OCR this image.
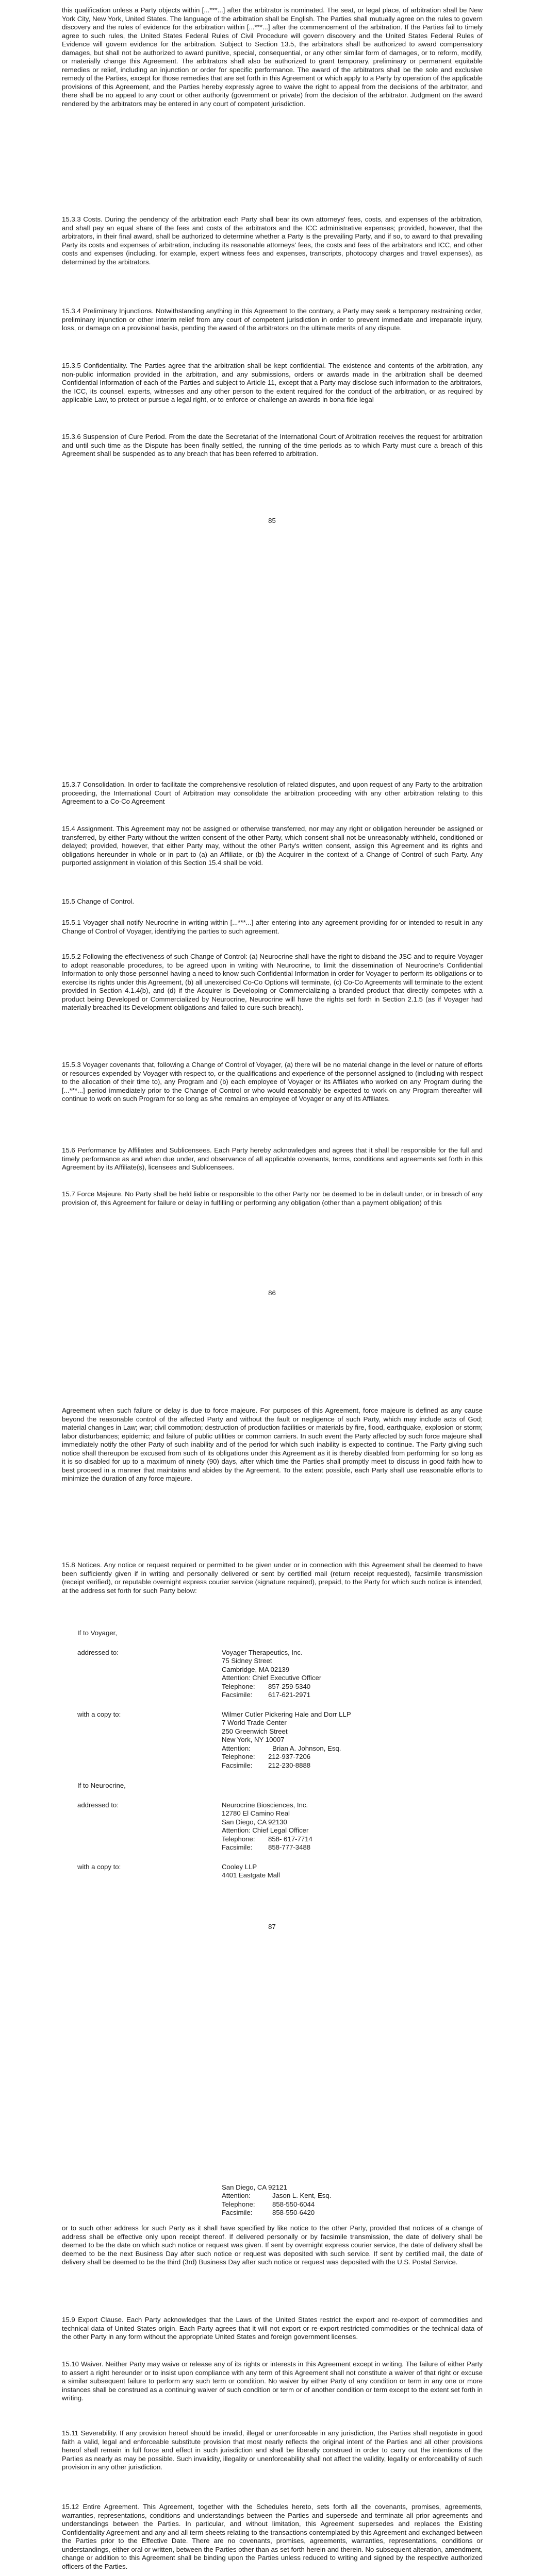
this qualification unless a Party objects within [...***...] after the arbitrator is nominated. The seat, or legal place, of arbitration shall be New York City, New York, United States. The language of the arbitration shall be English. The Parties shall mutually agree on the rules to govern discovery and the rules of evidence for the arbitration within [...***...] after the commencement of the arbitration. If the Parties fail to timely agree to such rules, the United States Federal Rules of Civil Procedure will govern discovery and the United States Federal Rules of Evidence will govern evidence for the arbitration. Subject to Section 13.5, the arbitrators shall be authorized to award compensatory damages, but shall not be authorized to award punitive, special, consequential, or any other similar form of damages, or to reform, modify, or materially change this Agreement. The arbitrators shall also be authorized to grant temporary, preliminary or permanent equitable remedies or relief, including an injunction or order for specific performance. The award of the arbitrators shall be the sole and exclusive remedy of the Parties, except for those remedies that are set forth in this Agreement or which apply to a Party by operation of the applicable provisions of this Agreement, and the Parties hereby expressly agree to waive the right to appeal from the decisions of the arbitrator, and there shall be no appeal to any court or other authority (government or private) from the decision of the arbitrator. Judgment on the award rendered by the arbitrators may be entered in any court of competent jurisdiction.

15.3.3 Costs. During the pendency of the arbitration each Party shall bear its own attorneys' fees, costs, and expenses of the arbitration, and shall pay an equal share of the fees and costs of the arbitrators and the ICC administrative expenses; provided, however, that the arbitrators, in their final award, shall be authorized to determine whether a Party is the prevailing Party, and if so, to award to that prevailing Party its costs and expenses of arbitration, including its reasonable attorneys' fees, the costs and fees of the arbitrators and ICC, and other costs and expenses (including, for example, expert witness fees and expenses, transcripts, photocopy charges and travel expenses), as determined by the arbitrators.

15.3.4 Preliminary Injunctions. Notwithstanding anything in this Agreement to the contrary, a Party may seek a temporary restraining order, preliminary injunction or other interim relief from any court of competent jurisdiction in order to prevent immediate and irreparable injury, loss, or damage on a provisional basis, pending the award of the arbitrators on the ultimate merits of any dispute.

15.3.5 Confidentiality. The Parties agree that the arbitration shall be kept confidential. The existence and contents of the arbitration, any non-public information provided in the arbitration, and any submissions, orders or awards made in the arbitration shall be deemed Confidential Information of each of the Parties and subject to Article 11, except that a Party may disclose such information to the arbitrators, the ICC, its counsel, experts, witnesses and any other person to the extent required for the conduct of the arbitration, or as required by applicable Law, to protect or pursue a legal right, or to enforce or challenge an awards in bona fide legal

15.3.6 Suspension of Cure Period. From the date the Secretariat of the International Court of Arbitration receives the request for arbitration and until such time as the Dispute has been finally settled, the running of the time periods as to which Party must cure a breach of this Agreement shall be suspended as to any breach that has been referred to arbitration.

85

15.3.7 Consolidation. In order to facilitate the comprehensive resolution of related disputes, and upon request of any Party to the arbitration proceeding, the International Court of Arbitration may consolidate the arbitration proceeding with any other arbitration relating to this Agreement to a Co-Co Agreement

15.4 Assignment. This Agreement may not be assigned or otherwise transferred, nor may any right or obligation hereunder be assigned or transferred, by either Party without the written consent of the other Party, which consent shall not be unreasonably withheld, conditioned or delayed; provided, however, that either Party may, without the other Party's written consent, assign this Agreement and its rights and obligations hereunder in whole or in part to (a) an Affiliate, or (b) the Acquirer in the context of a Change of Control of such Party. Any purported assignment in violation of this Section 15.4 shall be void.

15.5 Change of Control.

15.5.1 Voyager shall notify Neurocrine in writing within [...***...] after entering into any agreement providing for or intended to result in any Change of Control of Voyager, identifying the parties to such agreement.

15.5.2 Following the effectiveness of such Change of Control: (a) Neurocrine shall have the right to disband the JSC and to require Voyager to adopt reasonable procedures, to be agreed upon in writing with Neurocrine, to limit the dissemination of Neurocrine's Confidential Information to only those personnel having a need to know such Confidential Information in order for Voyager to perform its obligations or to exercise its rights under this Agreement, (b) all unexercised Co-Co Options will terminate, (c) Co-Co Agreements will terminate to the extent provided in Section 4.1.4(b), and (d) if the Acquirer is Developing or Commercializing a branded product that directly competes with a product being Developed or Commercialized by Neurocrine, Neurocrine will have the rights set forth in Section 2.1.5 (as if Voyager had materially breached its Development obligations and failed to cure such breach).

15.5.3 Voyager covenants that, following a Change of Control of Voyager, (a) there will be no material change in the level or nature of efforts or resources expended by Voyager with respect to, or the qualifications and experience of the personnel assigned to (including with respect to the allocation of their time to), any Program and (b) each employee of Voyager or its Affiliates who worked on any Program during the [...***...] period immediately prior to the Change of Control or who would reasonably be expected to work on any Program thereafter will continue to work on such Program for so long as s/he remains an employee of Voyager or any of its Affiliates.

15.6 Performance by Affiliates and Sublicensees. Each Party hereby acknowledges and agrees that it shall be responsible for the full and timely performance as and when due under, and observance of all applicable covenants, terms, conditions and agreements set forth in this Agreement by its Affiliate(s), licensees and Sublicensees.

15.7 Force Majeure. No Party shall be held liable or responsible to the other Party nor be deemed to be in default under, or in breach of any provision of, this Agreement for failure or delay in fulfilling or performing any obligation (other than a payment obligation) of this

86

Agreement when such failure or delay is due to force majeure. For purposes of this Agreement, force majeure is defined as any cause beyond the reasonable control of the affected Party and without the fault or negligence of such Party, which may include acts of God; material changes in Law; war; civil commotion; destruction of production facilities or materials by fire, flood, earthquake, explosion or storm; labor disturbances; epidemic; and failure of public utilities or common carriers. In such event the Party affected by such force majeure shall immediately notify the other Party of such inability and of the period for which such inability is expected to continue. The Party giving such notice shall thereupon be excused from such of its obligations under this Agreement as it is thereby disabled from performing for so long as it is so disabled for up to a maximum of ninety (90) days, after which time the Parties shall promptly meet to discuss in good faith how to best proceed in a manner that maintains and abides by the Agreement. To the extent possible, each Party shall use reasonable efforts to minimize the duration of any force majeure.

15.8 Notices. Any notice or request required or permitted to be given under or in connection with this Agreement shall be deemed to have been sufficiently given if in writing and personally delivered or sent by certified mail (return receipt requested), facsimile transmission (receipt verified), or reputable overnight express courier service (signature required), prepaid, to the Party for which such notice is intended, at the address set forth for such Party below:

If to Voyager,
addressed to:	Voyager Therapeutics, Inc.
75 Sidney Street
Cambridge, MA 02139
Attention: Chief Executive Officer
Telephone: 857-259-5340
Facsimile: 617-621-2971
with a copy to:	Wilmer Cutler Pickering Hale and Dorr LLP
7 World Trade Center
250 Greenwich Street
New York, NY 10007
Attention:	Brian A. Johnson, Esq.
Telephone: 212-937-7206
Facsimile: 212-230-8888
If to Neurocrine,
addressed to:	Neurocrine Biosciences, Inc.
12780 El Camino Real
San Diego, CA 92130
Attention: Chief Legal Officer
Telephone: 858- 617-7714
Facsimile: 858-777-3488
with a copy to:	Cooley LLP
4401 Eastgate Mall
87
San Diego, CA 92121
Attention:	Jason L. Kent, Esq.
Telephone:	858-550-6044
Facsimile:	858-550-6420

or to such other address for such Party as it shall have specified by like notice to the other Party, provided that notices of a change of address shall be effective only upon receipt thereof. If delivered personally or by facsimile transmission, the date of delivery shall be deemed to be the date on which such notice or request was given. If sent by overnight express courier service, the date of delivery shall be deemed to be the next Business Day after such notice or request was deposited with such service. If sent by certified mail, the date of delivery shall be deemed to be the third (3rd) Business Day after such notice or request was deposited with the U.S. Postal Service.

15.9 Export Clause. Each Party acknowledges that the Laws of the United States restrict the export and re-export of commodities and technical data of United States origin. Each Party agrees that it will not export or re-export restricted commodities or the technical data of the other Party in any form without the appropriate United States and foreign government licenses.

15.10 Waiver. Neither Party may waive or release any of its rights or interests in this Agreement except in writing. The failure of either Party to assert a right hereunder or to insist upon compliance with any term of this Agreement shall not constitute a waiver of that right or excuse a similar subsequent failure to perform any such term or condition. No waiver by either Party of any condition or term in any one or more instances shall be construed as a continuing waiver of such condition or term or of another condition or term except to the extent set forth in writing.

15.11 Severability. If any provision hereof should be invalid, illegal or unenforceable in any jurisdiction, the Parties shall negotiate in good faith a valid, legal and enforceable substitute provision that most nearly reflects the original intent of the Parties and all other provisions hereof shall remain in full force and effect in such jurisdiction and shall be liberally construed in order to carry out the intentions of the Parties as nearly as may be possible. Such invalidity, illegality or unenforceability shall not affect the validity, legality or enforceability of such provision in any other jurisdiction.

15.12 Entire Agreement. This Agreement, together with the Schedules hereto, sets forth all the covenants, promises, agreements, warranties, representations, conditions and understandings between the Parties and supersede and terminate all prior agreements and understandings between the Parties. In particular, and without limitation, this Agreement supersedes and replaces the Existing Confidentiality Agreement and any and all term sheets relating to the transactions contemplated by this Agreement and exchanged between the Parties prior to the Effective Date. There are no covenants, promises, agreements, warranties, representations, conditions or understandings, either oral or written, between the Parties other than as set forth herein and therein. No subsequent alteration, amendment, change or addition to this Agreement shall be binding upon the Parties unless reduced to writing and signed by the respective authorized officers of the Parties.
